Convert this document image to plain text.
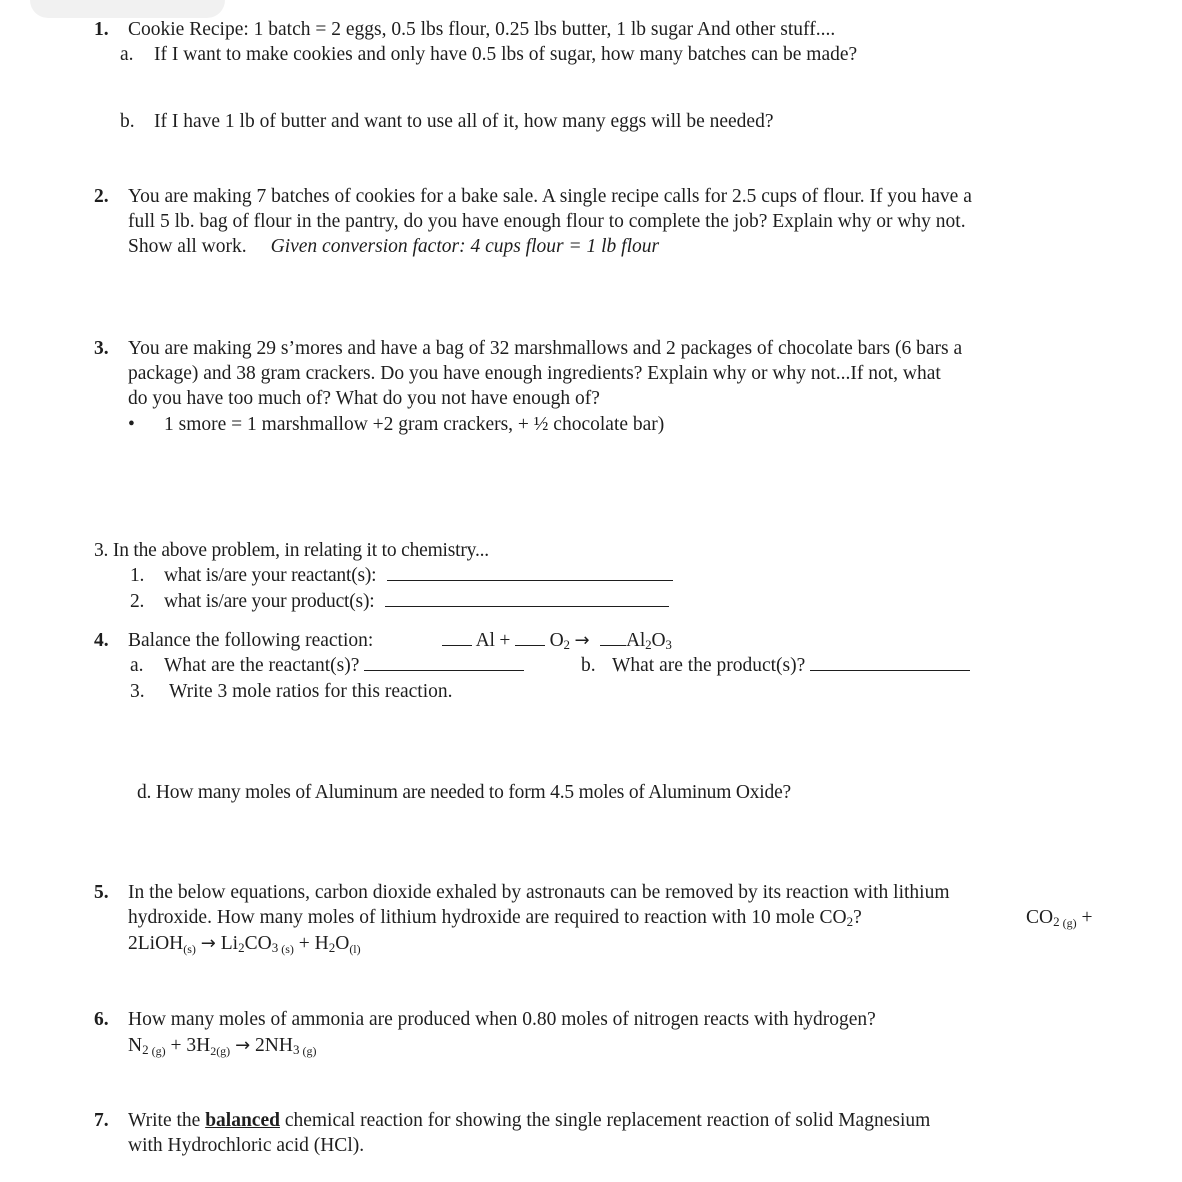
1. Cookie Recipe: 1 batch = 2 eggs, 0.5 lbs flour, 0.25 lbs butter, 1 lb sugar And other stuff....
a. If I want to make cookies and only have 0.5 lbs of sugar, how many batches can be made?
b. If I have 1 lb of butter and want to use all of it, how many eggs will be needed?
2. You are making 7 batches of cookies for a bake sale. A single recipe calls for 2.5 cups of flour. If you have a
full 5 lb. bag of flour in the pantry, do you have enough flour to complete the job? Explain why or why not.
Show all work. Given conversion factor: 4 cups flour = 1 lb flour
3. You are making 29 s’mores and have a bag of 32 marshmallows and 2 packages of chocolate bars (6 bars a
package) and 38 gram crackers. Do you have enough ingredients? Explain why or why not...If not, what
do you have too much of? What do you not have enough of?
• 1 smore = 1 marshmallow +2 gram crackers, + ½ chocolate bar)
3. In the above problem, in relating it to chemistry...
1. what is/are your reactant(s):
2. what is/are your product(s):
4. Balance the following reaction:	$Al + O_2 \to Al_2O_3$
a. What are the reactant(s)?	b. What are the product(s)?
3. Write 3 mole ratios for this reaction.
d. How many moles of Aluminum are needed to form 4.5 moles of Aluminum Oxide?
5. In the below equations, carbon dioxide exhaled by astronauts can be removed by its reaction with lithium
hydroxide. How many moles of lithium hydroxide are required to reaction with 10 mole $CO_2$?	$CO_2$ $_{(g)}$ +
2LiOH$_{(s)}$ → $Li_2CO_3$ $_{(s)} + H_2O_{(l)}$
6. How many moles of ammonia are produced when 0.80 moles of nitrogen reacts with hydrogen?
$N_2$ $_{(g)} + 3H_{2(g)} \to 2NH_3$ $_{(g)}$
7. Write the balanced chemical reaction for showing the single replacement reaction of solid Magnesium
with Hydrochloric acid (HCl).
